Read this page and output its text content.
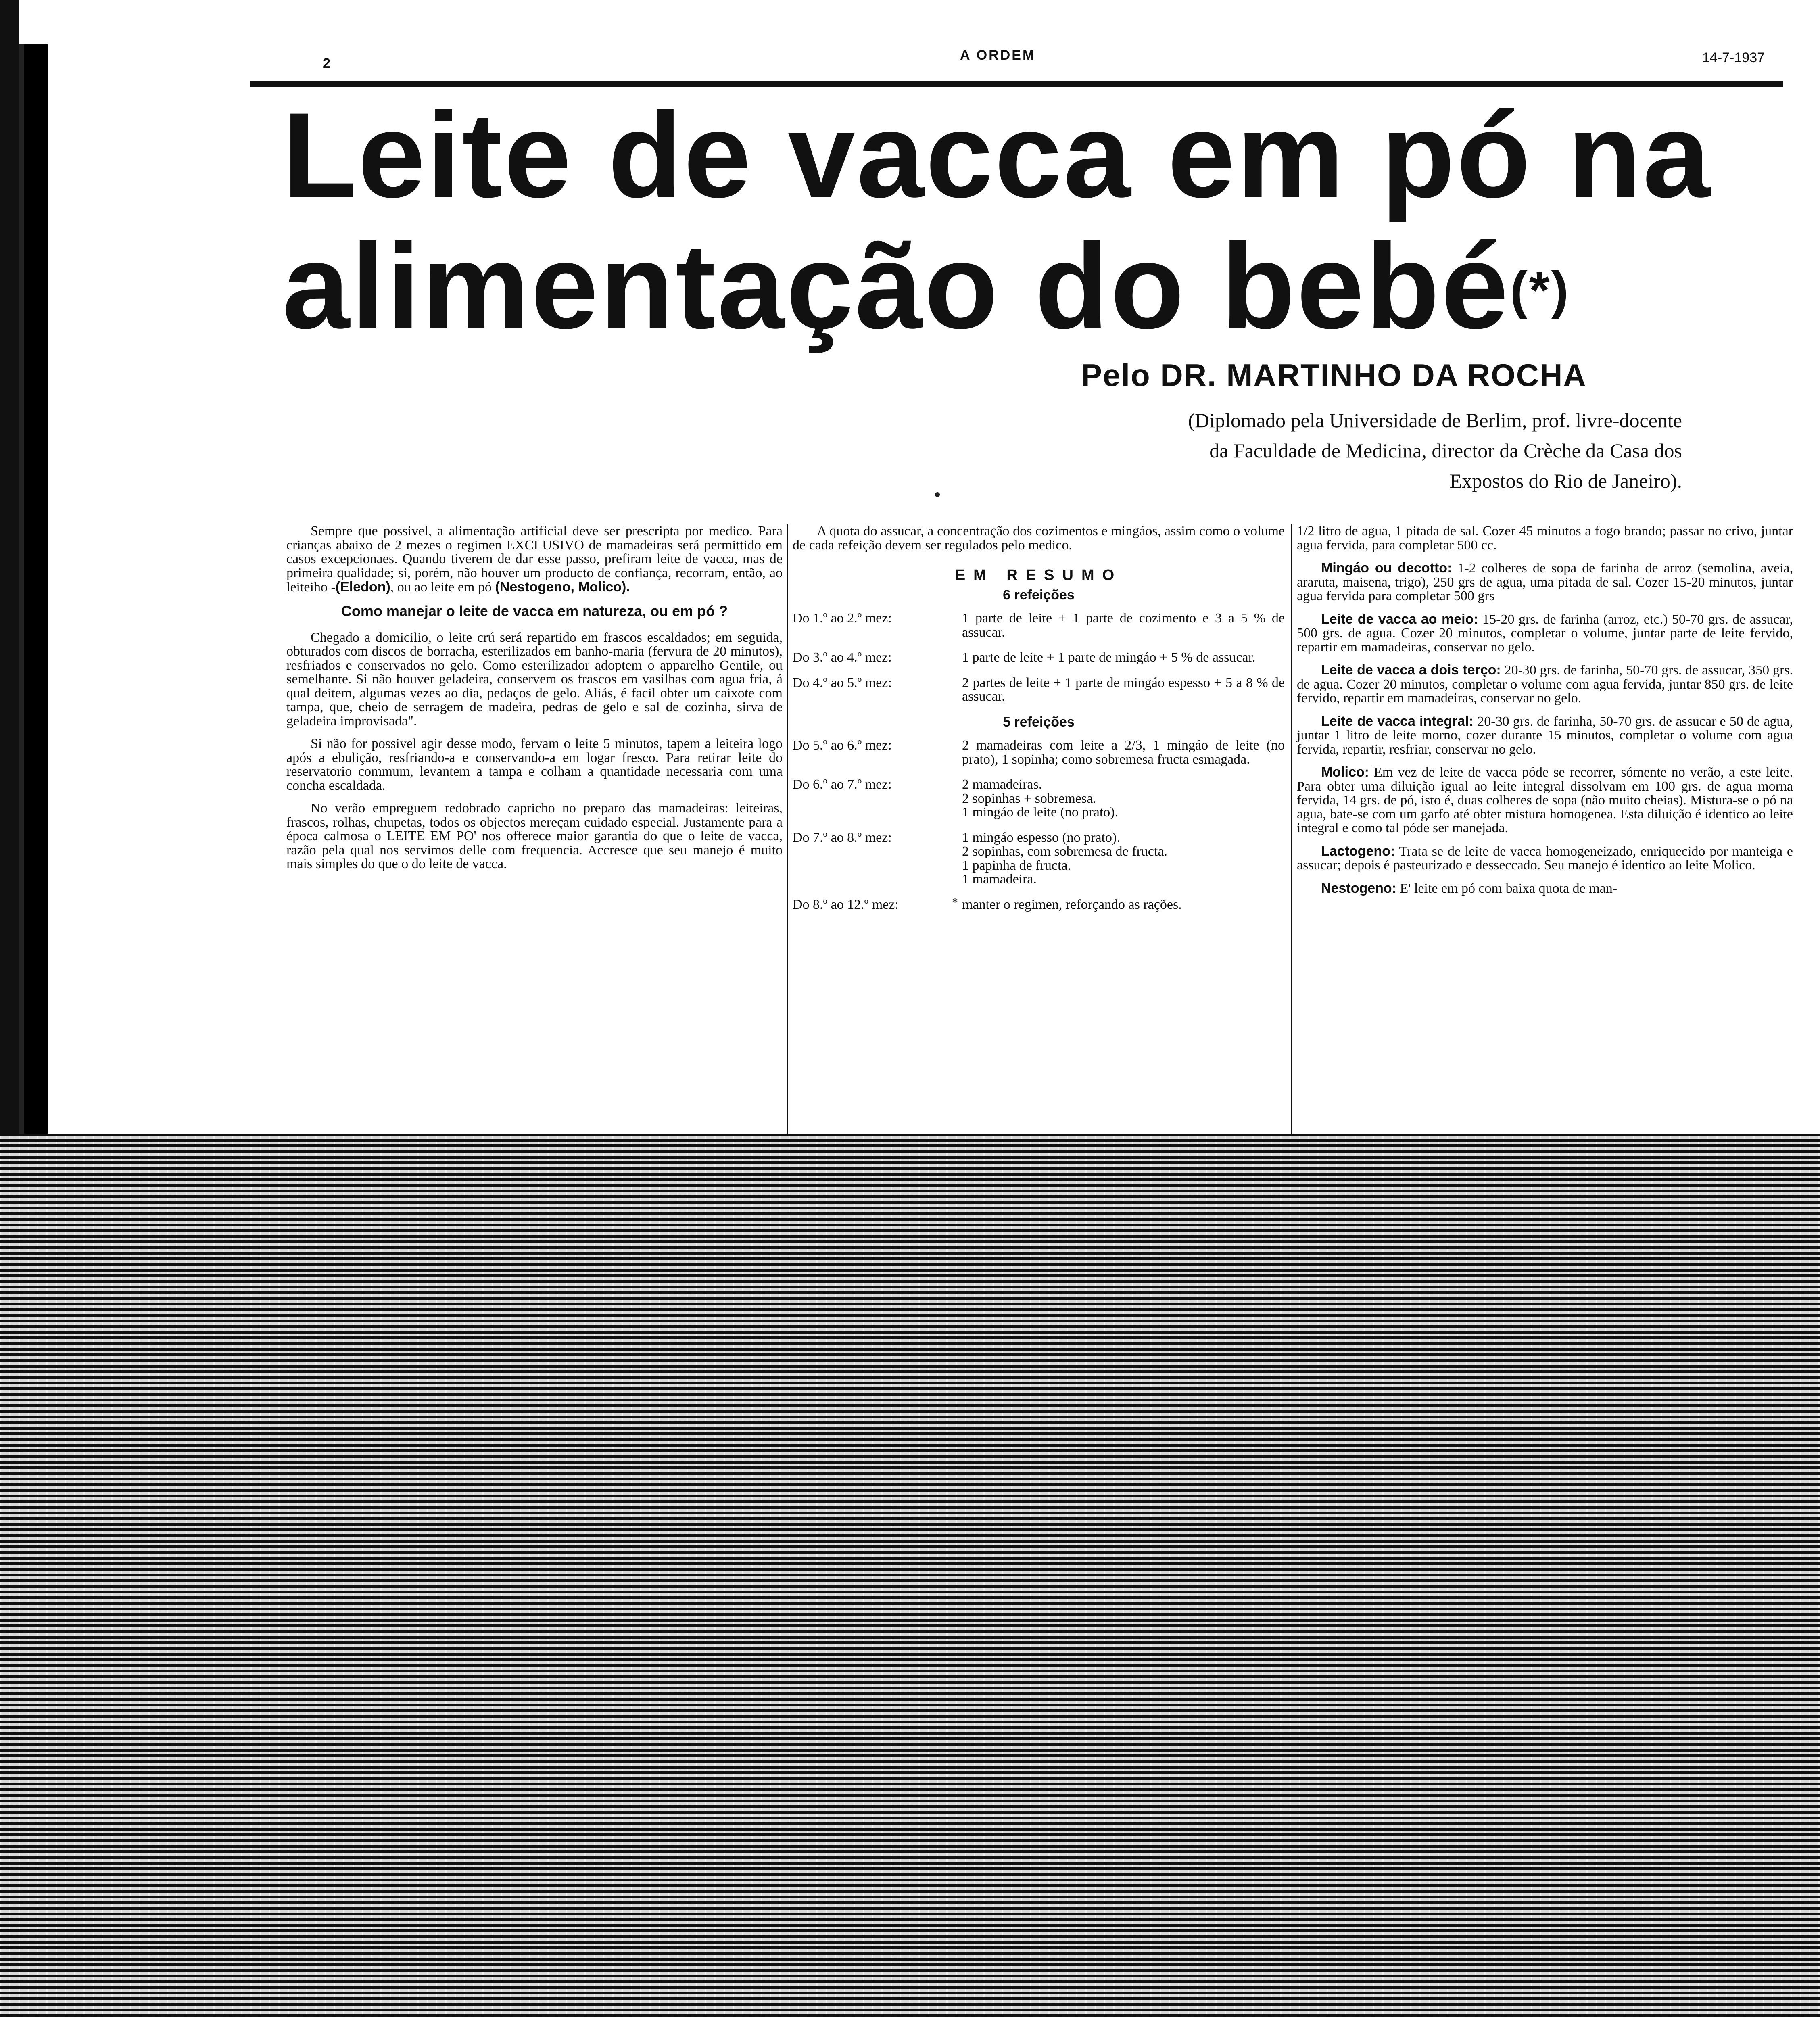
2
A ORDEM	14-7-1937
Leite de vacca em pó na
alimentação do bebé(*)
Pelo DR. MARTINHO DA ROCHA
(Diplomado pela Universidade de Berlim, prof. livre-docente
da Faculdade de Medicina, director da Crèche da Casa dos
Expostos do Rio de Janeiro).

Sempre que possivel, a alimentação artificial deve ser prescripta por medico. Para crianças abaixo de 2 mezes o regimen EXCLUSIVO de mamadeiras será permittido em casos excepcionaes. Quando tiverem de dar esse passo, prefiram leite de vacca, mas de primeira qualidade; si, porém, não houver um producto de confiança, recorram, então, ao leiteiho -(Eledon), ou ao leite em pó (Nestogeno, Molico).

Como manejar o leite de vacca em natureza, ou em pó ?

Chegado a domicilio, o leite crú será repartido em frascos escaldados; em seguida, obturados com discos de borracha, esterilizados em banho-maria (fervura de 20 minutos), resfriados e conservados no gelo. Como esterilizador adoptem o apparelho Gentile, ou semelhante. Si não houver geladeira, conservem os frascos em vasilhas com agua fria, á qual deitem, algumas vezes ao dia, pedaços de gelo. Aliás, é facil obter um caixote com tampa, que, cheio de serragem de madeira, pedras de gelo e sal de cozinha, sirva de geladeira improvisada".

Si não for possivel agir desse modo, fervam o leite 5 minutos, tapem a leiteira logo após a ebulição, resfriando-a e conservando-a em logar fresco. Para retirar leite do reservatorio commum, levantem a tampa e colham a quantidade necessaria com uma concha escaldada.

No verão empreguem redobrado capricho no preparo das mamadeiras: leiteiras, frascos, rolhas, chupetas, todos os objectos mereçam cuidado especial. Justamente para a época calmosa o LEITE EM PO' nos offerece maior garantia do que o leite de vacca, razão pela qual nos servimos delle com frequencia. Accresce que seu manejo é muito mais simples do que o do leite de vacca.

A quota do assucar, a concentração dos cozimentos e mingáos, assim como o volume de cada refeição devem ser regulados pelo medico.

EM RESUMO
6 refeições
Do 1.º ao 2.º mez:	1 parte de leite + 1 parte de cozimento e 3 a 5 % de assucar.
Do 3.º ao 4.º mez:	1 parte de leite + 1 parte de mingáo + 5 % de assucar.
Do 4.º ao 5.º mez:	2 partes de leite + 1 parte de mingáo espesso + 5 a 8 % de assucar.
5 refeições
Do 5.º ao 6.º mez:	2 mamadeiras com leite a 2/3, 1 mingáo de leite (no prato), 1 sopinha; como sobremesa fructa esmagada.
Do 6.º ao 7.º mez:	2 mamadeiras.
2 sopinhas + sobremesa.
1 mingáo de leite (no prato).
Do 7.º ao 8.º mez:	1 mingáo espesso (no prato).
2 sopinhas, com sobremesa de fructa.
1 papinha de fructa.
1 mamadeira.
Do 8.º ao 12.º mez:	manter o regimen, reforçando as rações.
*

1/2 litro de agua, 1 pitada de sal. Cozer 45 minutos a fogo brando; passar no crivo, juntar agua fervida, para completar 500 cc.

Mingáo ou decotto: 1-2 colheres de sopa de farinha de arroz (semolina, aveia, araruta, maisena, trigo), 250 grs de agua, uma pitada de sal. Cozer 15-20 minutos, juntar agua fervida para completar 500 grs

Leite de vacca ao meio: 15-20 grs. de farinha (arroz, etc.) 50-70 grs. de assucar, 500 grs. de agua. Cozer 20 minutos, completar o volume, juntar parte de leite fervido, repartir em mamadeiras, conservar no gelo.

Leite de vacca a dois terço: 20-30 grs. de farinha, 50-70 grs. de assucar, 350 grs. de agua. Cozer 20 minutos, completar o volume com agua fervida, juntar 850 grs. de leite fervido, repartir em mamadeiras, conservar no gelo.

Leite de vacca integral: 20-30 grs. de farinha, 50-70 grs. de assucar e 50 de agua, juntar 1 litro de leite morno, cozer durante 15 minutos, completar o volume com agua fervida, repartir, resfriar, conservar no gelo.

Molico: Em vez de leite de vacca póde se recorrer, sómente no verão, a este leite. Para obter uma diluição igual ao leite integral dissolvam em 100 grs. de agua morna fervida, 14 grs. de pó, isto é, duas colheres de sopa (não muito cheias). Mistura-se o pó na agua, bate-se com um garfo até obter mistura homogenea. Esta diluição é identico ao leite integral e como tal póde ser manejada.

Lactogeno: Trata se de leite de vacca homogeneizado, enriquecido por manteiga e assucar; depois é pasteurizado e desseccado. Seu manejo é identico ao leite Molico.

Nestogeno: E' leite em pó com baixa quota de man-
